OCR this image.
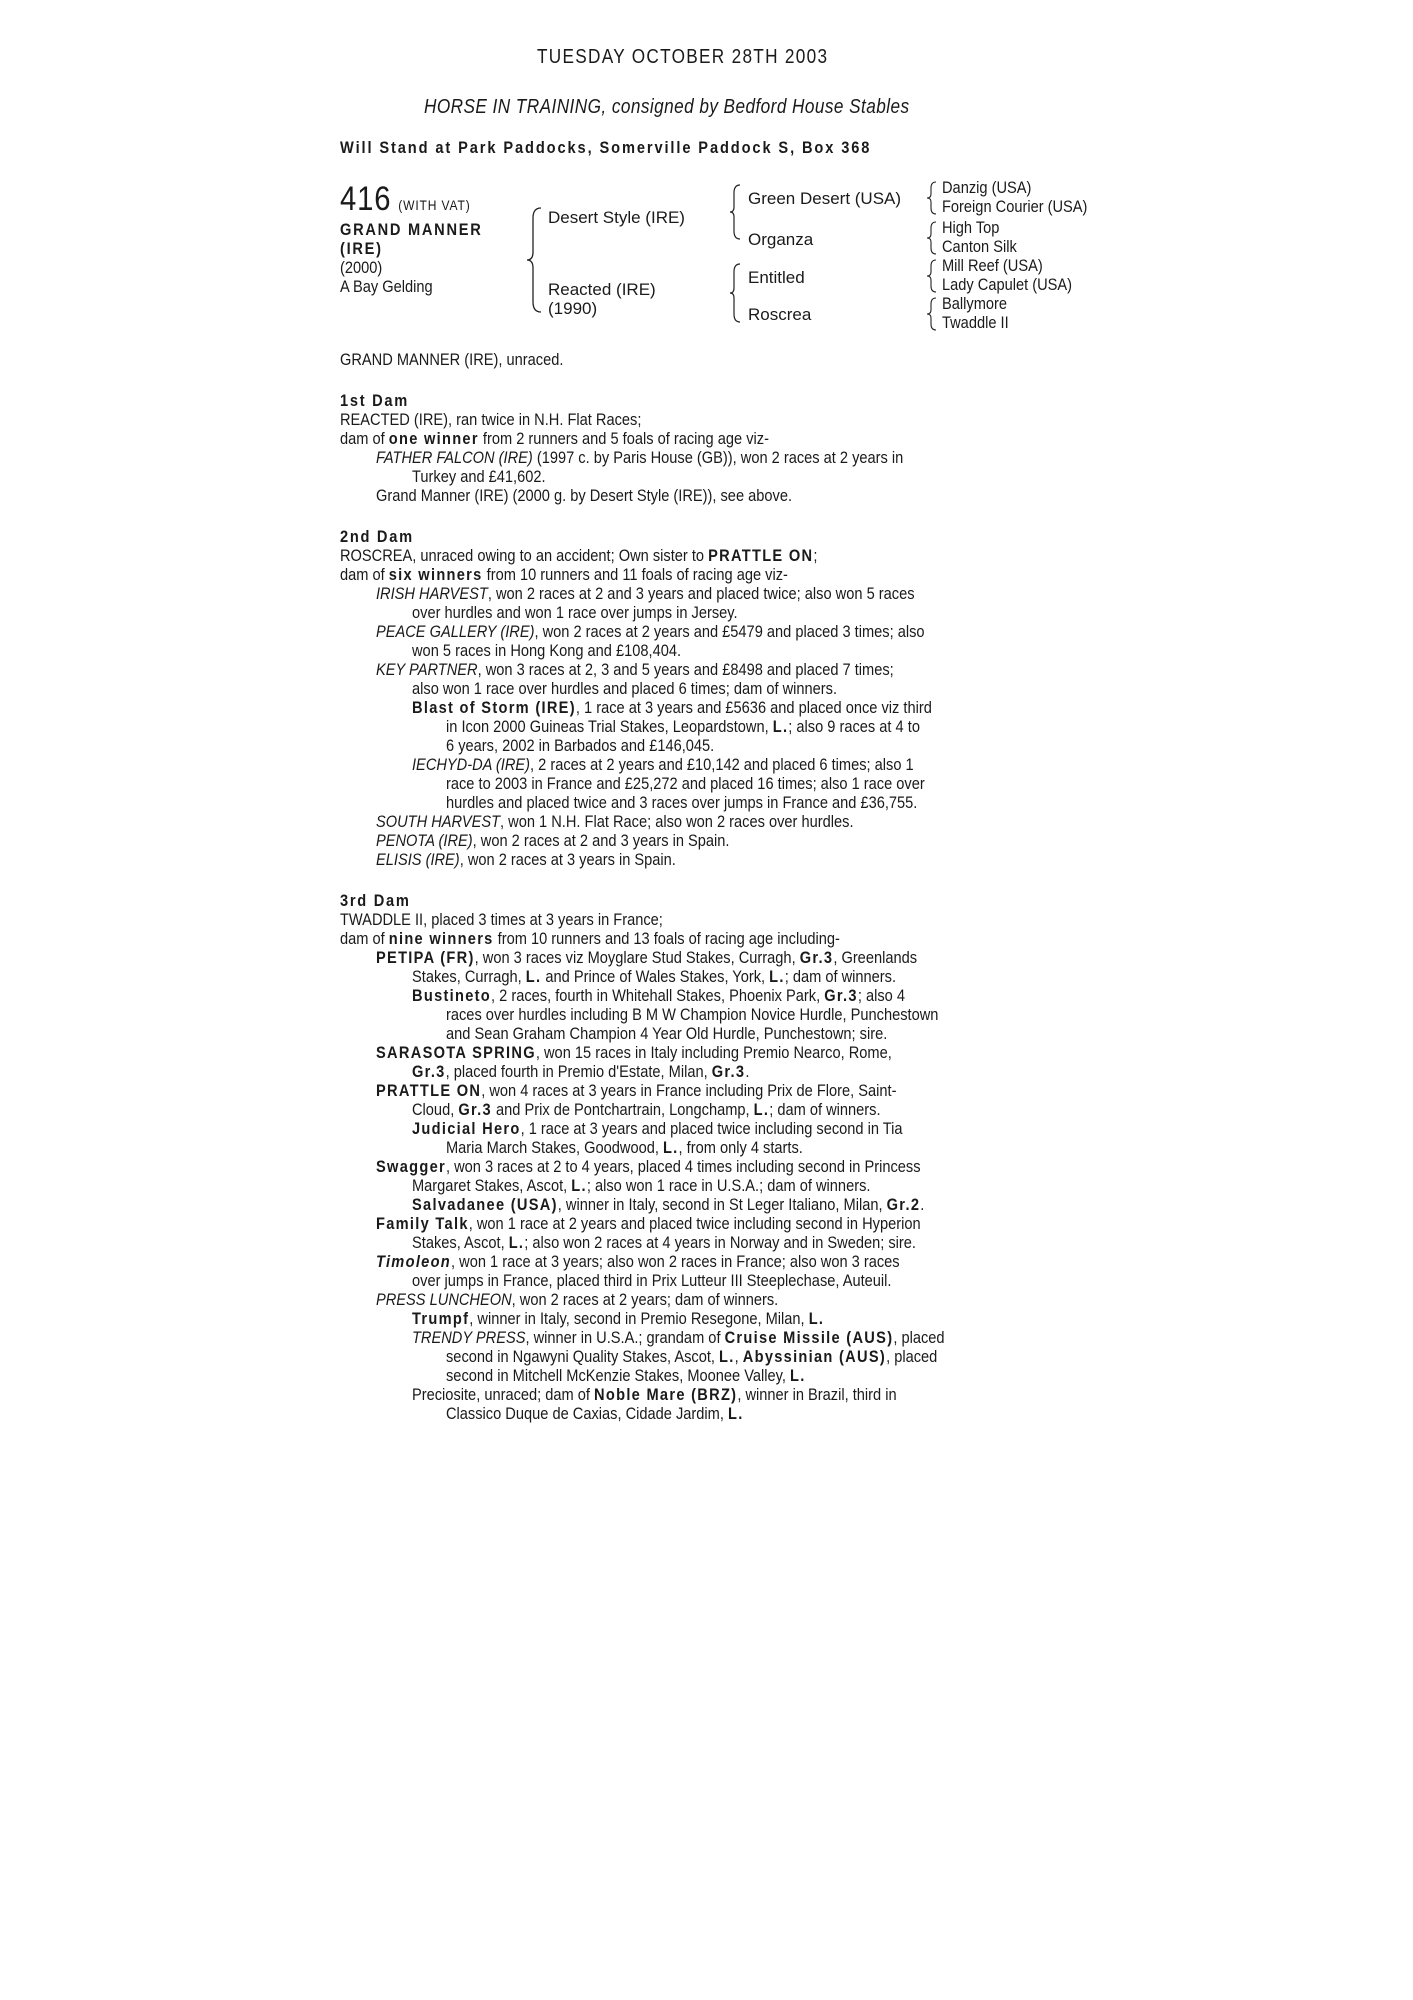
TUESDAY OCTOBER 28TH 2003
HORSE IN TRAINING, consigned by Bedford House Stables
Will Stand at Park Paddocks, Somerville Paddock S, Box 368
416 (WITH VAT)
GRAND MANNER
(IRE)
(2000)
A Bay Gelding
Desert Style (IRE)
Reacted (IRE)
(1990)
Green Desert (USA)
Organza
Entitled
Roscrea
Danzig (USA)
Foreign Courier (USA)
High Top
Canton Silk
Mill Reef (USA)
Lady Capulet (USA)
Ballymore
Twaddle II
GRAND MANNER (IRE), unraced.
1st Dam
REACTED (IRE), ran twice in N.H. Flat Races;
dam of one winner from 2 runners and 5 foals of racing age viz-
FATHER FALCON (IRE) (1997 c. by Paris House (GB)), won 2 races at 2 years in
Turkey and £41,602.
Grand Manner (IRE) (2000 g. by Desert Style (IRE)), see above.
2nd Dam
ROSCREA, unraced owing to an accident; Own sister to PRATTLE ON;
dam of six winners from 10 runners and 11 foals of racing age viz-
IRISH HARVEST, won 2 races at 2 and 3 years and placed twice; also won 5 races
over hurdles and won 1 race over jumps in Jersey.
PEACE GALLERY (IRE), won 2 races at 2 years and £5479 and placed 3 times; also
won 5 races in Hong Kong and £108,404.
KEY PARTNER, won 3 races at 2, 3 and 5 years and £8498 and placed 7 times;
also won 1 race over hurdles and placed 6 times; dam of winners.
Blast of Storm (IRE), 1 race at 3 years and £5636 and placed once viz third
in Icon 2000 Guineas Trial Stakes, Leopardstown, L.; also 9 races at 4 to
6 years, 2002 in Barbados and £146,045.
IECHYD-DA (IRE), 2 races at 2 years and £10,142 and placed 6 times; also 1
race to 2003 in France and £25,272 and placed 16 times; also 1 race over
hurdles and placed twice and 3 races over jumps in France and £36,755.
SOUTH HARVEST, won 1 N.H. Flat Race; also won 2 races over hurdles.
PENOTA (IRE), won 2 races at 2 and 3 years in Spain.
ELISIS (IRE), won 2 races at 3 years in Spain.
3rd Dam
TWADDLE II, placed 3 times at 3 years in France;
dam of nine winners from 10 runners and 13 foals of racing age including-
PETIPA (FR), won 3 races viz Moyglare Stud Stakes, Curragh, Gr.3, Greenlands
Stakes, Curragh, L. and Prince of Wales Stakes, York, L.; dam of winners.
Bustineto, 2 races, fourth in Whitehall Stakes, Phoenix Park, Gr.3; also 4
races over hurdles including B M W Champion Novice Hurdle, Punchestown
and Sean Graham Champion 4 Year Old Hurdle, Punchestown; sire.
SARASOTA SPRING, won 15 races in Italy including Premio Nearco, Rome,
Gr.3, placed fourth in Premio d'Estate, Milan, Gr.3.
PRATTLE ON, won 4 races at 3 years in France including Prix de Flore, Saint-
Cloud, Gr.3 and Prix de Pontchartrain, Longchamp, L.; dam of winners.
Judicial Hero, 1 race at 3 years and placed twice including second in Tia
Maria March Stakes, Goodwood, L., from only 4 starts.
Swagger, won 3 races at 2 to 4 years, placed 4 times including second in Princess
Margaret Stakes, Ascot, L.; also won 1 race in U.S.A.; dam of winners.
Salvadanee (USA), winner in Italy, second in St Leger Italiano, Milan, Gr.2.
Family Talk, won 1 race at 2 years and placed twice including second in Hyperion
Stakes, Ascot, L.; also won 2 races at 4 years in Norway and in Sweden; sire.
Timoleon, won 1 race at 3 years; also won 2 races in France; also won 3 races
over jumps in France, placed third in Prix Lutteur III Steeplechase, Auteuil.
PRESS LUNCHEON, won 2 races at 2 years; dam of winners.
Trumpf, winner in Italy, second in Premio Resegone, Milan, L.
TRENDY PRESS, winner in U.S.A.; grandam of Cruise Missile (AUS), placed
second in Ngawyni Quality Stakes, Ascot, L., Abyssinian (AUS), placed
second in Mitchell McKenzie Stakes, Moonee Valley, L.
Preciosite, unraced; dam of Noble Mare (BRZ), winner in Brazil, third in
Classico Duque de Caxias, Cidade Jardim, L.
